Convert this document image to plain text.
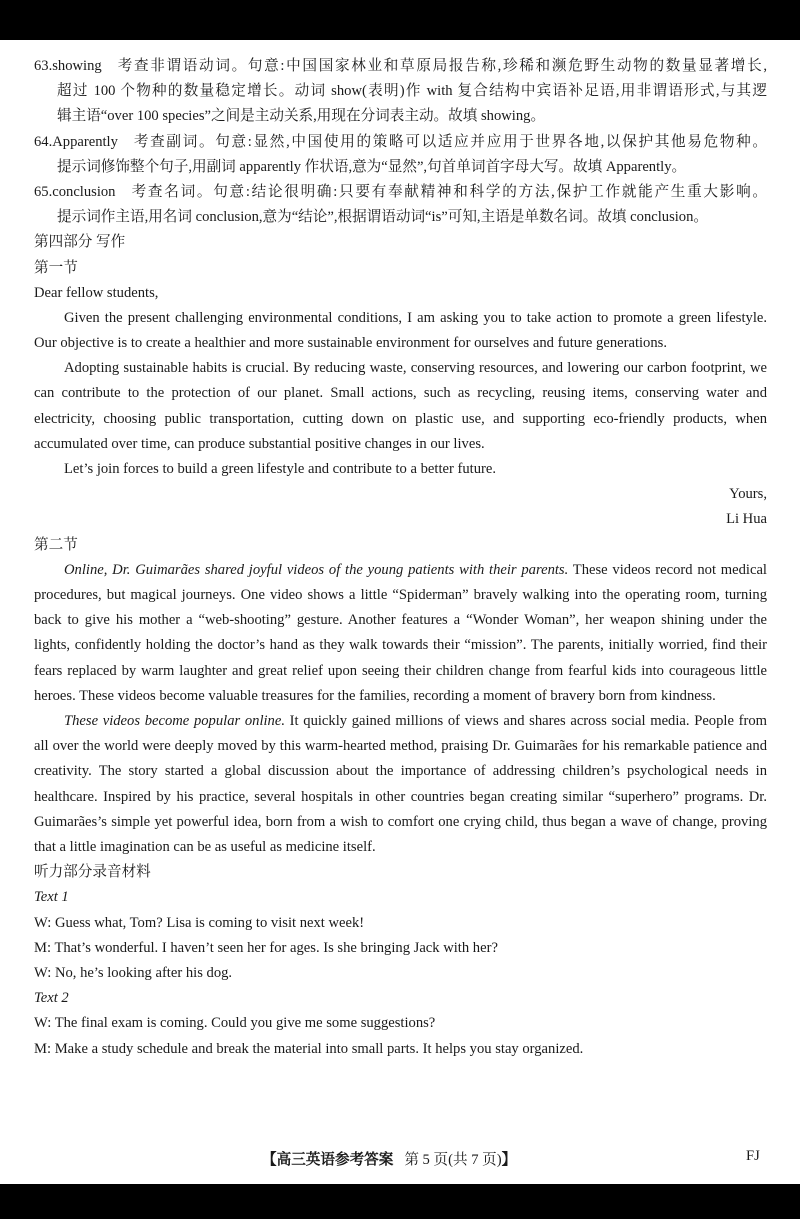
63.showing 考查非谓语动词。句意:中国国家林业和草原局报告称,珍稀和濒危野生动物的数量显著增长,
超过 100 个物种的数量稳定增长。动词 show(表明)作 with 复合结构中宾语补足语,用非谓语形式,与其逻
辑主语“over 100 species”之间是主动关系,用现在分词表主动。故填 showing。
64.Apparently 考查副词。句意:显然,中国使用的策略可以适应并应用于世界各地,以保护其他易危物种。
提示词修饰整个句子,用副词 apparently 作状语,意为“显然”,句首单词首字母大写。故填 Apparently。
65.conclusion 考查名词。句意:结论很明确:只要有奉献精神和科学的方法,保护工作就能产生重大影响。
提示词作主语,用名词 conclusion,意为“结论”,根据谓语动词“is”可知,主语是单数名词。故填 conclusion。
第四部分 写作
第一节
Dear fellow students,

Given the present challenging environmental conditions, I am asking you to take action to promote a green lifestyle. Our objective is to create a healthier and more sustainable environment for ourselves and future generations.

Adopting sustainable habits is crucial. By reducing waste, conserving resources, and lowering our carbon footprint, we can contribute to the protection of our planet. Small actions, such as recycling, reusing items, conserving water and electricity, choosing public transportation, cutting down on plastic use, and supporting eco-friendly products, when accumulated over time, can produce substantial positive changes in our lives.

Let’s join forces to build a green lifestyle and contribute to a better future.

Yours,
Li Hua
第二节

Online, Dr. Guimarães shared joyful videos of the young patients with their parents. These videos record not medical procedures, but magical journeys. One video shows a little “Spiderman” bravely walking into the operating room, turning back to give his mother a “web-shooting” gesture. Another features a “Wonder Woman”, her weapon shining under the lights, confidently holding the doctor’s hand as they walk towards their “mission”. The parents, initially worried, find their fears replaced by warm laughter and great relief upon seeing their children change from fearful kids into courageous little heroes. These videos become valuable treasures for the families, recording a moment of bravery born from kindness.

These videos become popular online. It quickly gained millions of views and shares across social media. People from all over the world were deeply moved by this warm-hearted method, praising Dr. Guimarães for his remarkable patience and creativity. The story started a global discussion about the importance of addressing children’s psychological needs in healthcare. Inspired by his practice, several hospitals in other countries began creating similar “superhero” programs. Dr. Guimarães’s simple yet powerful idea, born from a wish to comfort one crying child, thus began a wave of change, proving that a little imagination can be as useful as medicine itself.

听力部分录音材料
Text 1
W: Guess what, Tom? Lisa is coming to visit next week!
M: That’s wonderful. I haven’t seen her for ages. Is she bringing Jack with her?
W: No, he’s looking after his dog.
Text 2
W: The final exam is coming. Could you give me some suggestions?
M: Make a study schedule and break the material into small parts. It helps you stay organized.
【高三英语参考答案 第 5 页(共 7 页)】	FJ
